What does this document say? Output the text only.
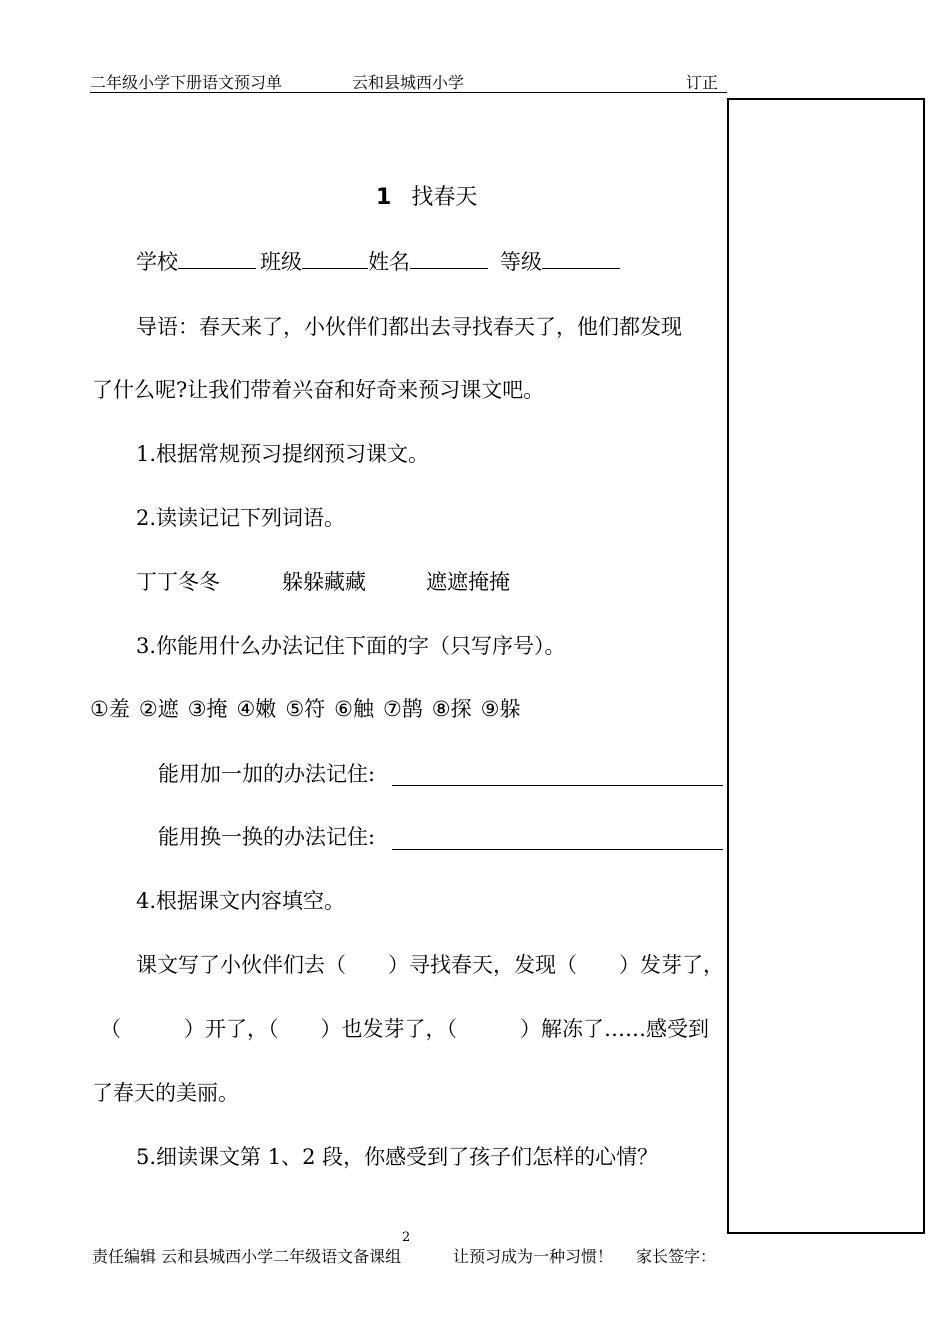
二年级小学下册语文预习单	云和县城西小学	订正
1 找春天
学校	班级	姓名	等级
导语：春天来了，小伙伴们都出去寻找春天了，他们都发现
了什么呢?让我们带着兴奋和好奇来预习课文吧。
1.根据常规预习提纲预习课文。
2.读读记记下列词语。
丁丁冬冬	躲躲藏藏	遮遮掩掩
3.你能用什么办法记住下面的字（只写序号）。
①羞 ②遮 ③掩 ④嫩 ⑤符 ⑥触 ⑦鹊 ⑧探 ⑨躲
能用加一加的办法记住:
能用换一换的办法记住:
4.根据课文内容填空。
课文写了小伙伴们去（　　）寻找春天，发现（　　）发芽了，
（　　　）开了，（　　）也发芽了，（　　　）解冻了……感受到
了春天的美丽。
5.细读课文第 1、2 段，你感受到了孩子们怎样的心情？
2
责任编辑 云和县城西小学二年级语文备课组	让预习成为一种习惯！ 家长签字：
